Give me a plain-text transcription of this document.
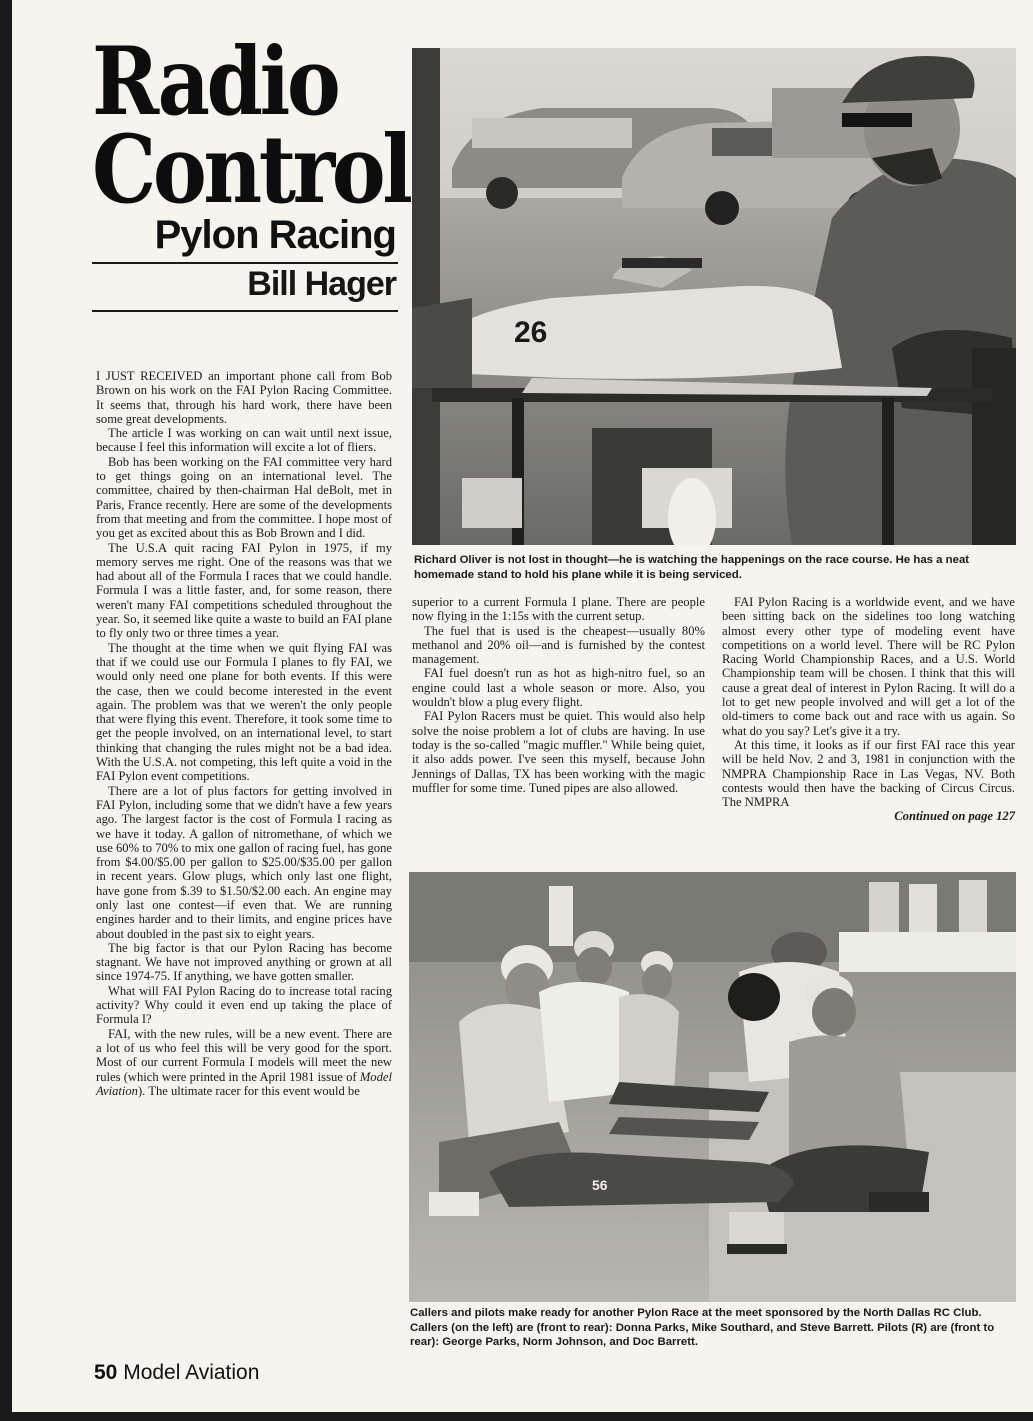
Radio
Control
Pylon Racing
Bill Hager
26
Richard Oliver is not lost in thought—he is watching the happenings on the race course. He has a neat homemade stand to hold his plane while it is being serviced.

I JUST RECEIVED an important phone call from Bob Brown on his work on the FAI Pylon Racing Committee. It seems that, through his hard work, there have been some great developments.

The article I was working on can wait until next issue, because I feel this information will excite a lot of fliers.

Bob has been working on the FAI committee very hard to get things going on an international level. The committee, chaired by then-chairman Hal deBolt, met in Paris, France recently. Here are some of the developments from that meeting and from the committee. I hope most of you get as excited about this as Bob Brown and I did.

The U.S.A quit racing FAI Pylon in 1975, if my memory serves me right. One of the reasons was that we had about all of the Formula I races that we could handle. Formula I was a little faster, and, for some reason, there weren't many FAI competitions scheduled throughout the year. So, it seemed like quite a waste to build an FAI plane to fly only two or three times a year.

The thought at the time when we quit flying FAI was that if we could use our Formula I planes to fly FAI, we would only need one plane for both events. If this were the case, then we could become interested in the event again. The problem was that we weren't the only people that were flying this event. Therefore, it took some time to get the people involved, on an international level, to start thinking that changing the rules might not be a bad idea. With the U.S.A. not competing, this left quite a void in the FAI Pylon event competitions.

There are a lot of plus factors for getting involved in FAI Pylon, including some that we didn't have a few years ago. The largest factor is the cost of Formula I racing as we have it today. A gallon of nitromethane, of which we use 60% to 70% to mix one gallon of racing fuel, has gone from $4.00/$5.00 per gallon to $25.00/$35.00 per gallon in recent years. Glow plugs, which only last one flight, have gone from $.39 to $1.50/$2.00 each. An engine may only last one contest—if even that. We are running engines harder and to their limits, and engine prices have about doubled in the past six to eight years.

The big factor is that our Pylon Racing has become stagnant. We have not improved anything or grown at all since 1974-75. If anything, we have gotten smaller.

What will FAI Pylon Racing do to increase total racing activity? Why could it even end up taking the place of Formula I?

FAI, with the new rules, will be a new event. There are a lot of us who feel this will be very good for the sport. Most of our current Formula I models will meet the new rules (which were printed in the April 1981 issue of Model Aviation). The ultimate racer for this event would be

superior to a current Formula I plane. There are people now flying in the 1:15s with the current setup.

The fuel that is used is the cheapest—usually 80% methanol and 20% oil—and is furnished by the contest management.

FAI fuel doesn't run as hot as high-nitro fuel, so an engine could last a whole season or more. Also, you wouldn't blow a plug every flight.

FAI Pylon Racers must be quiet. This would also help solve the noise problem a lot of clubs are having. In use today is the so-called "magic muffler." While being quiet, it also adds power. I've seen this myself, because John Jennings of Dallas, TX has been working with the magic muffler for some time. Tuned pipes are also allowed.

FAI Pylon Racing is a worldwide event, and we have been sitting back on the sidelines too long watching almost every other type of modeling event have competitions on a world level. There will be RC Pylon Racing World Championship Races, and a U.S. World Championship team will be chosen. I think that this will cause a great deal of interest in Pylon Racing. It will do a lot to get new people involved and will get a lot of the old-timers to come back out and race with us again. So what do you say? Let's give it a try.

At this time, it looks as if our first FAI race this year will be held Nov. 2 and 3, 1981 in conjunction with the NMPRA Championship Race in Las Vegas, NV. Both contests would then have the backing of Circus Circus. The NMPRA

Continued on page 127

56
Callers and pilots make ready for another Pylon Race at the meet sponsored by the North Dallas RC Club. Callers (on the left) are (front to rear): Donna Parks, Mike Southard, and Steve Barrett. Pilots (R) are (front to rear): George Parks, Norm Johnson, and Doc Barrett.
50 Model Aviation
